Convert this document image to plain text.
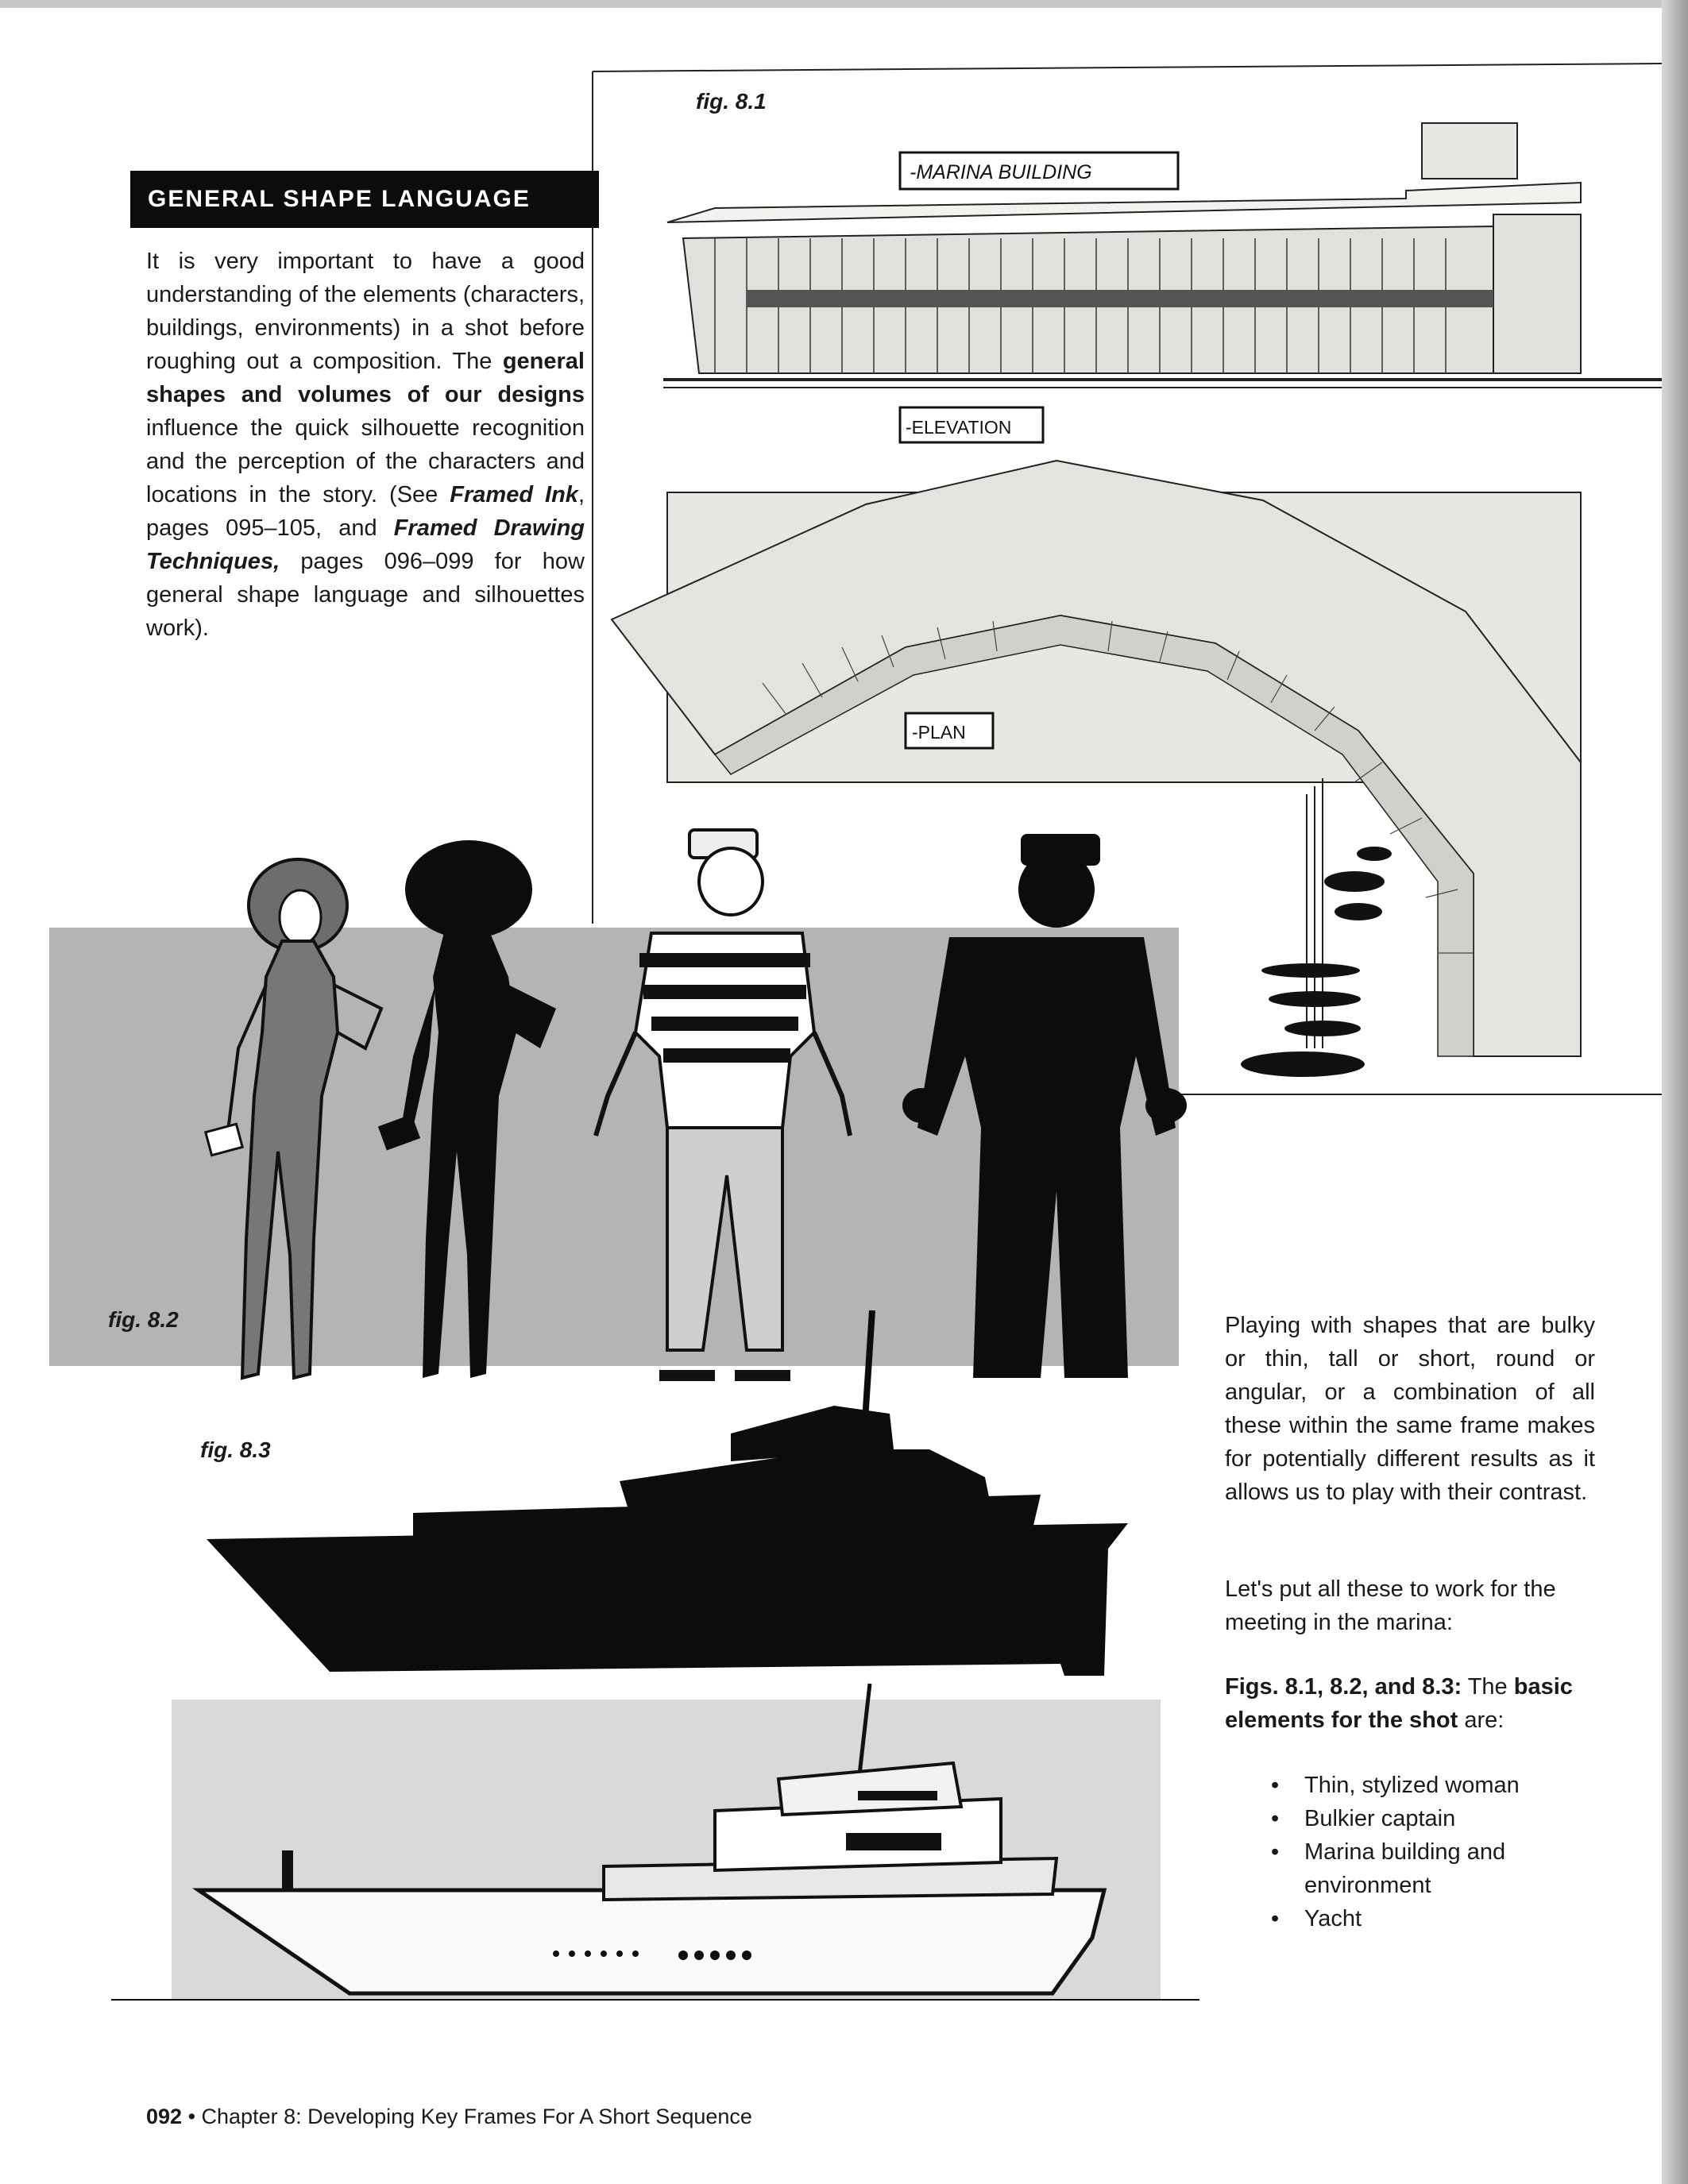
-MARINA BUILDING
-ELEVATION
-PLAN
fig. 8.1
GENERAL SHAPE LANGUAGE
It is very important to have a good understanding of the elements (characters, buildings, environments) in a shot before roughing out a composition. The general shapes and volumes of our designs influence the quick silhouette recognition and the perception of the characters and locations in the story. (See Framed Ink, pages 095–105, and Framed Drawing Techniques, pages 096–099 for how general shape language and silhouettes work).
fig. 8.2
fig. 8.3
Playing with shapes that are bulky or thin, tall or short, round or angular, or a combination of all these within the same frame makes for potentially different results as it allows us to play with their contrast.
Let's put all these to work for the meeting in the marina:
Figs. 8.1, 8.2, and 8.3: The basic elements for the shot are:
• Thin, stylized woman
• Bulkier captain
• Marina building and environment
• Yacht
092 • Chapter 8: Developing Key Frames For A Short Sequence
